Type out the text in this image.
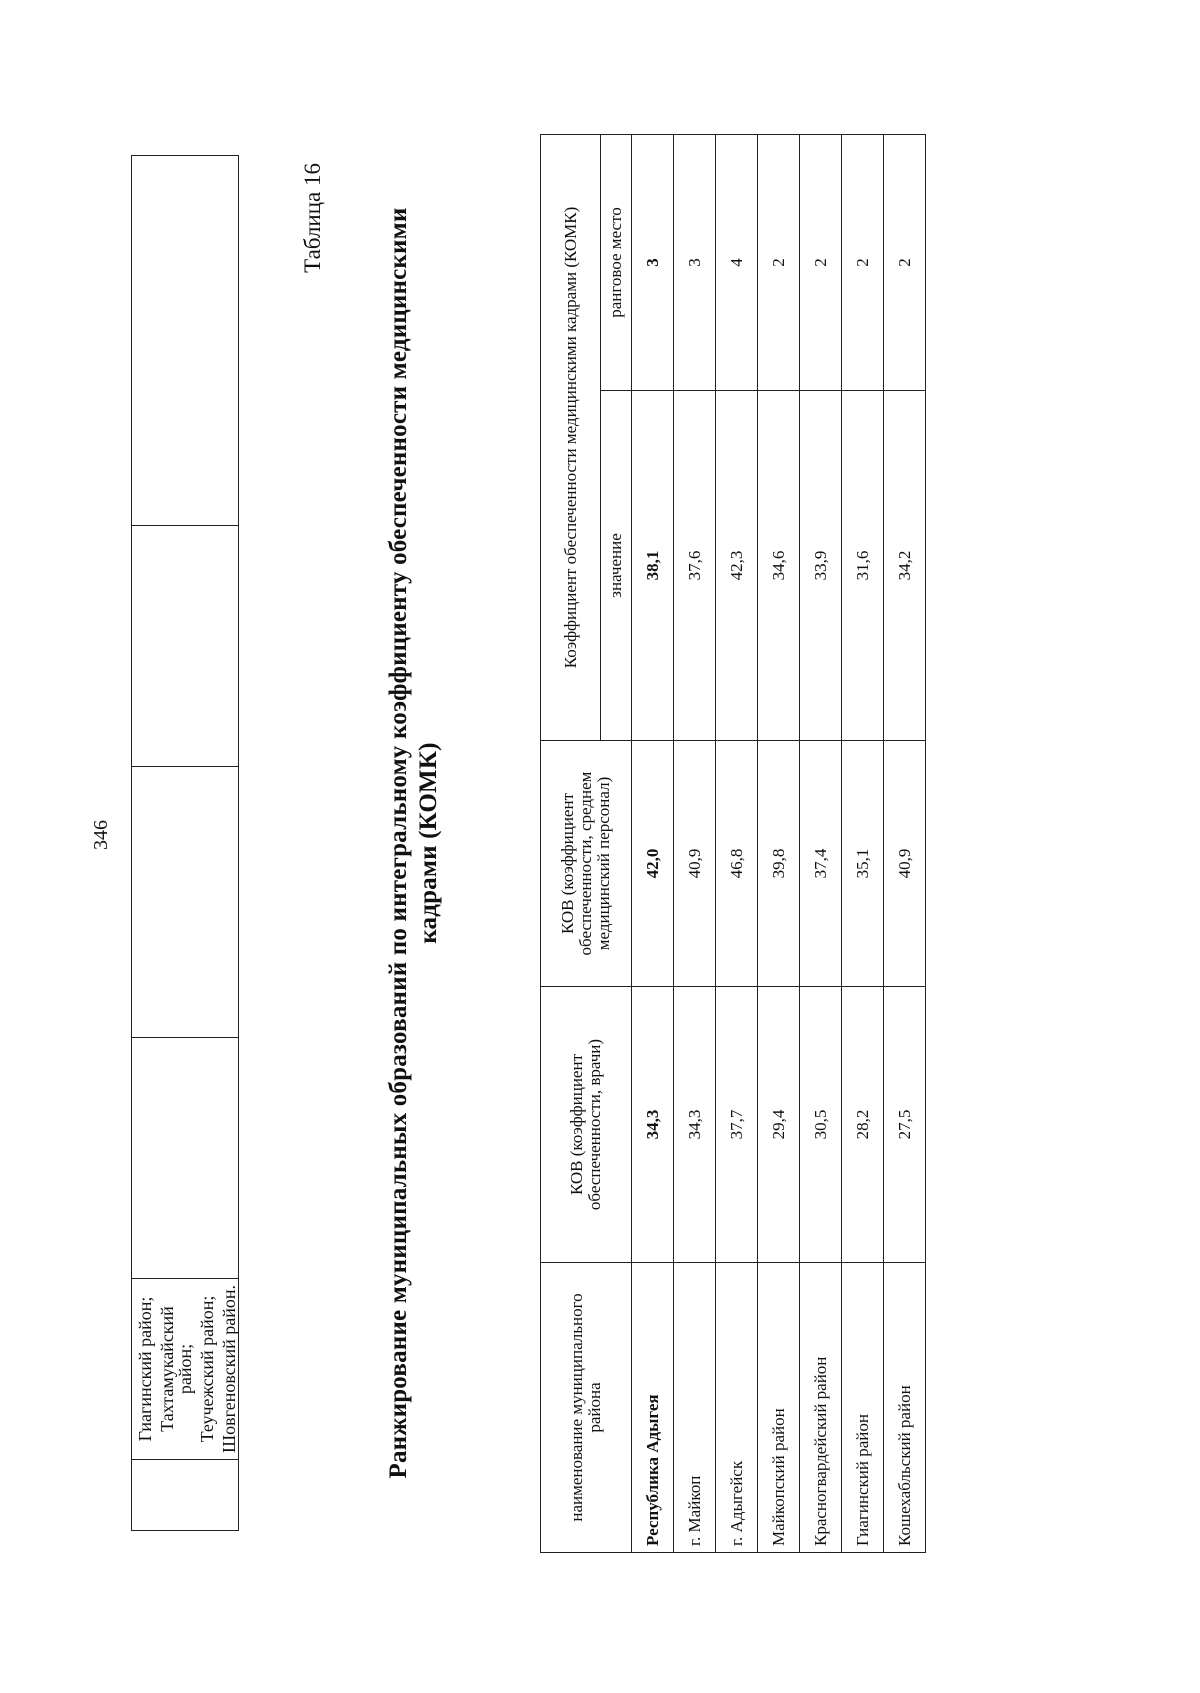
346

Гиагинский район; Тахтамукайский район; Теучежский район; Шовгеновский район.

Таблица 16 Ранжирование муниципальных образований по интегральному коэффициенту обеспеченности медицинскими кадрами (КОМК)
наименование муниципального района	КОВ (коэффициент обеспеченности, врачи)	КОВ (коэффициент обеспеченности, среднем медицинский персонал)	Коэффициент обеспеченности медицинскими кадрами (КОМК)	
			значение	ранговое место
Республика Адыгея	34,3	42,0	38,1	3
г. Майкоп	34,3	40,9	37,6	3
г. Адыгейск	37,7	46,8	42,3	4
Майкопский район	29,4	39,8	34,6	2
Красногвардейский район	30,5	37,4	33,9	2
Гиагинский район	28,2	35,1	31,6	2
Кошехабльский район	27,5	40,9	34,2	2
